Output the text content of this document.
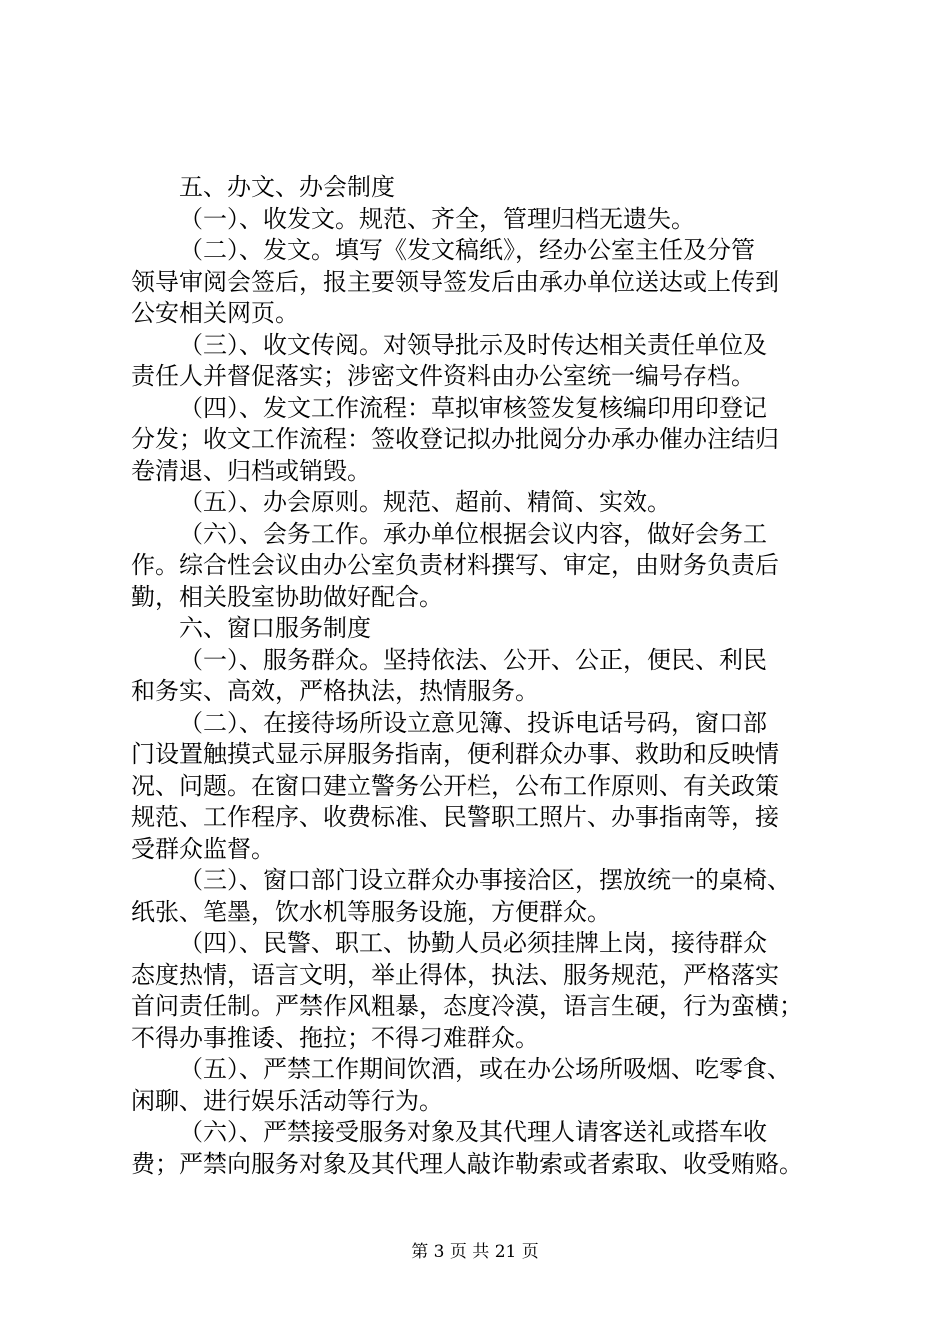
五、办文、办会制度
（一）、收发文。规范、齐全，管理归档无遗失。
（二）、发文。填写《发文稿纸》，经办公室主任及分管
领导审阅会签后，报主要领导签发后由承办单位送达或上传到
公安相关网页。
（三）、收文传阅。对领导批示及时传达相关责任单位及
责任人并督促落实；涉密文件资料由办公室统一编号存档。
（四）、发文工作流程：草拟审核签发复核编印用印登记
分发；收文工作流程：签收登记拟办批阅分办承办催办注结归
卷清退、归档或销毁。
（五）、办会原则。规范、超前、精简、实效。
（六）、会务工作。承办单位根据会议内容，做好会务工
作。综合性会议由办公室负责材料撰写、审定，由财务负责后
勤，相关股室协助做好配合。
六、窗口服务制度
（一）、服务群众。坚持依法、公开、公正，便民、利民
和务实、高效，严格执法，热情服务。
（二）、在接待场所设立意见簿、投诉电话号码，窗口部
门设置触摸式显示屏服务指南，便利群众办事、救助和反映情
况、问题。在窗口建立警务公开栏，公布工作原则、有关政策
规范、工作程序、收费标准、民警职工照片、办事指南等，接
受群众监督。
（三）、窗口部门设立群众办事接洽区，摆放统一的桌椅、
纸张、笔墨，饮水机等服务设施，方便群众。
（四）、民警、职工、协勤人员必须挂牌上岗，接待群众
态度热情，语言文明，举止得体，执法、服务规范，严格落实
首问责任制。严禁作风粗暴，态度冷漠，语言生硬，行为蛮横；
不得办事推诿、拖拉；不得刁难群众。
（五）、严禁工作期间饮酒，或在办公场所吸烟、吃零食、
闲聊、进行娱乐活动等行为。
（六）、严禁接受服务对象及其代理人请客送礼或搭车收
费；严禁向服务对象及其代理人敲诈勒索或者索取、收受贿赂。
第 3 页 共 21 页
